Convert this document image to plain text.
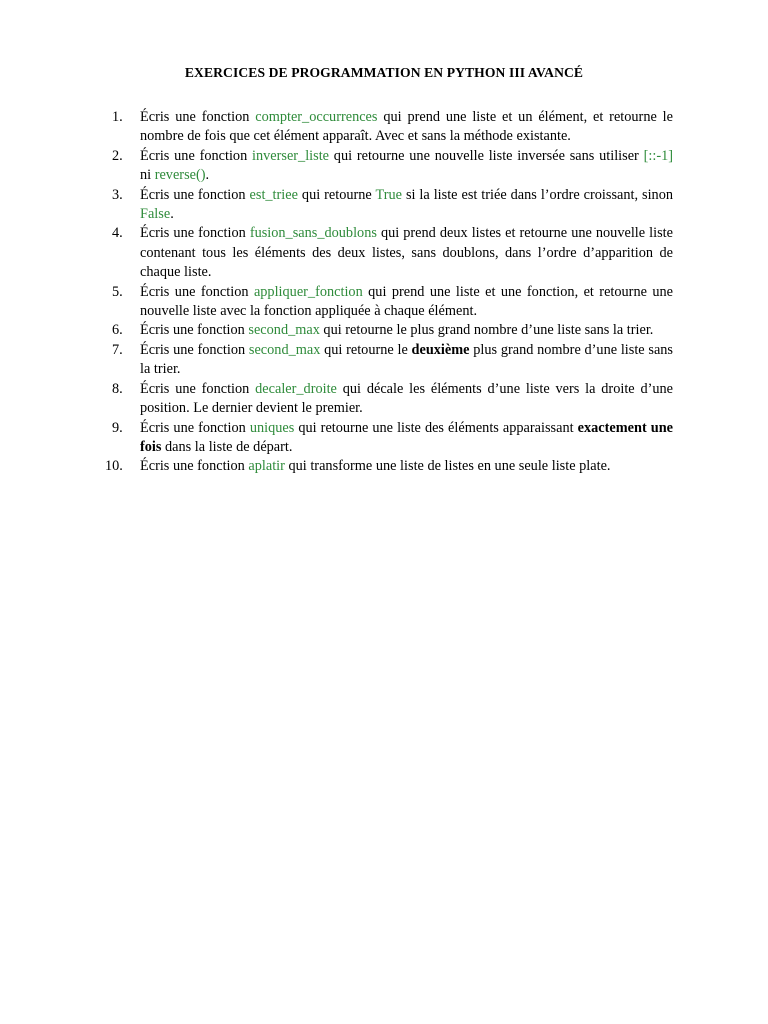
EXERCICES DE PROGRAMMATION EN PYTHON III AVANCÉ
1.	Écris une fonction compter_occurrences qui prend une liste et un élément, et retourne le nombre de fois que cet élément apparaît. Avec et sans la méthode existante.
2.	Écris une fonction inverser_liste qui retourne une nouvelle liste inversée sans utiliser [::-1] ni reverse().
3.	Écris une fonction est_triee qui retourne True si la liste est triée dans l’ordre croissant, sinon False.
4.	Écris une fonction fusion_sans_doublons qui prend deux listes et retourne une nouvelle liste contenant tous les éléments des deux listes, sans doublons, dans l’ordre d’apparition de chaque liste.
5.	Écris une fonction appliquer_fonction qui prend une liste et une fonction, et retourne une nouvelle liste avec la fonction appliquée à chaque élément.
6.	Écris une fonction second_max qui retourne le plus grand nombre d’une liste sans la trier.
7.	Écris une fonction second_max qui retourne le deuxième plus grand nombre d’une liste sans la trier.
8.	Écris une fonction decaler_droite qui décale les éléments d’une liste vers la droite d’une position. Le dernier devient le premier.
9.	Écris une fonction uniques qui retourne une liste des éléments apparaissant exactement une fois dans la liste de départ.
10. Écris une fonction aplatir qui transforme une liste de listes en une seule liste plate.
